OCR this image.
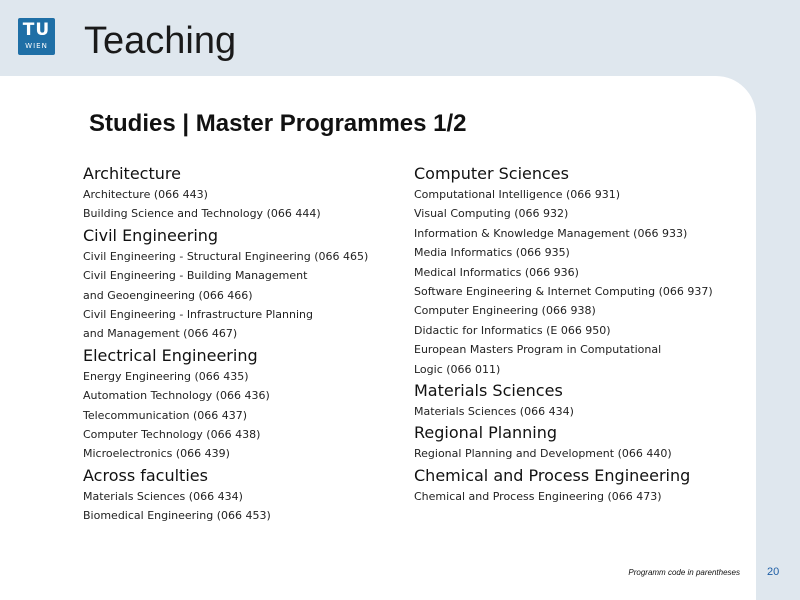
TU
WIEN Teaching
Studies | Master Programmes 1/2
Architecture
Architecture (066 443)
Building Science and Technology (066 444)
Civil Engineering
Civil Engineering - Structural Engineering (066 465)
Civil Engineering - Building Management
and Geoengineering (066 466)
Civil Engineering - Infrastructure Planning
and Management (066 467)
Electrical Engineering
Energy Engineering (066 435)
Automation Technology (066 436)
Telecommunication (066 437)
Computer Technology (066 438)
Microelectronics (066 439)
Across faculties
Materials Sciences (066 434)
Biomedical Engineering (066 453)
Computer Sciences
Computational Intelligence (066 931)
Visual Computing (066 932)
Information & Knowledge Management (066 933)
Media Informatics (066 935)
Medical Informatics (066 936)
Software Engineering & Internet Computing (066 937)
Computer Engineering (066 938)
Didactic for Informatics (E 066 950)
European Masters Program in Computational
Logic (066 011)
Materials Sciences
Materials Sciences (066 434)
Regional Planning
Regional Planning and Development (066 440)
Chemical and Process Engineering
Chemical and Process Engineering (066 473)
Programm code in parentheses 20
